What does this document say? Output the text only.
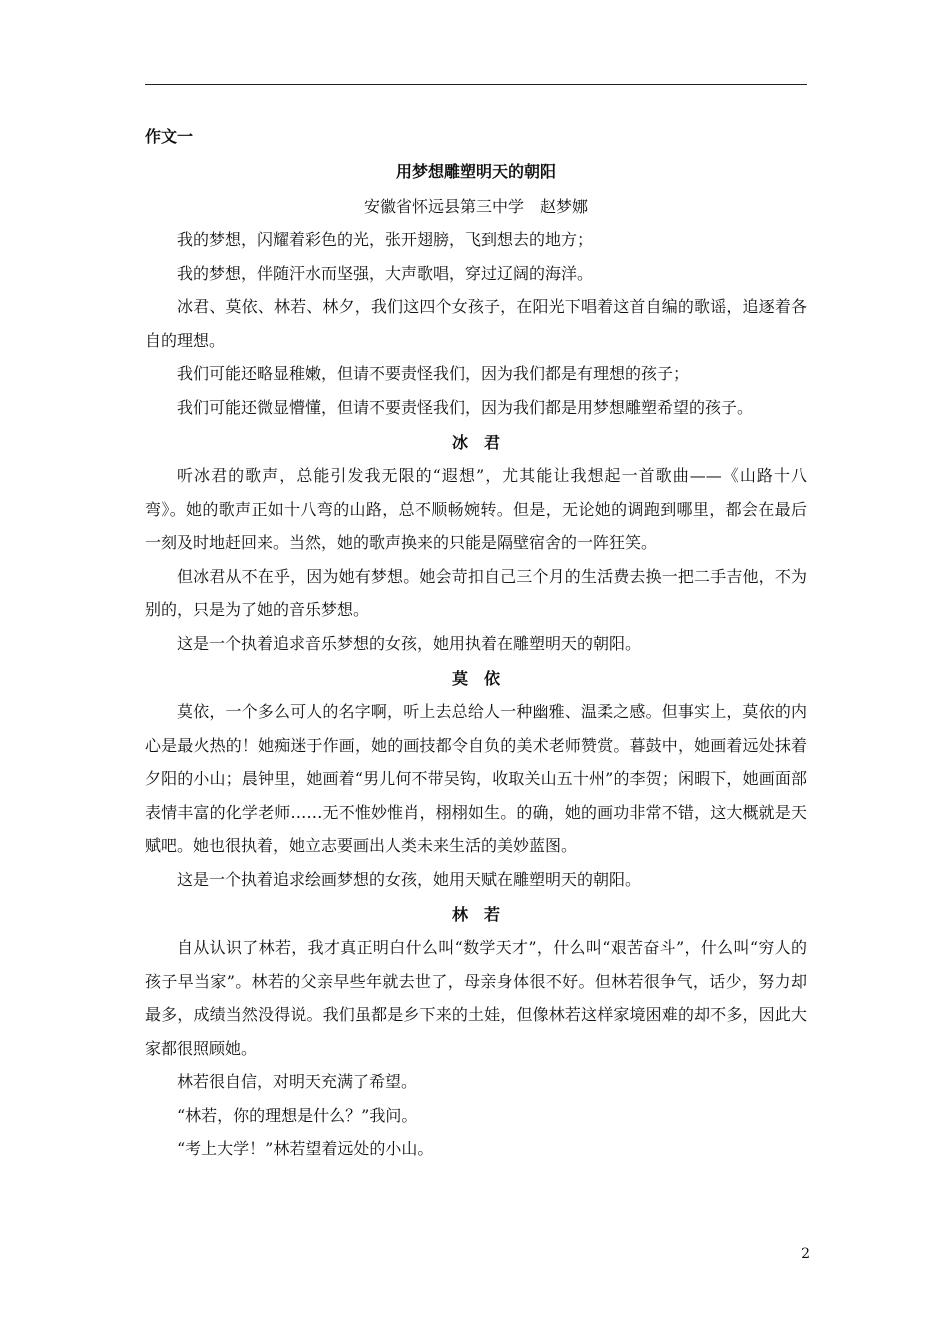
作文一
用梦想雕塑明天的朝阳
安徽省怀远县第三中学　赵梦娜

我的梦想，闪耀着彩色的光，张开翅膀，飞到想去的地方；

我的梦想，伴随汗水而坚强，大声歌唱，穿过辽阔的海洋。

冰君、莫依、林若、林夕，我们这四个女孩子，在阳光下唱着这首自编的歌谣，追逐着各自的理想。

我们可能还略显稚嫩，但请不要责怪我们，因为我们都是有理想的孩子；

我们可能还微显懵懂，但请不要责怪我们，因为我们都是用梦想雕塑希望的孩子。

冰　君

听冰君的歌声，总能引发我无限的“遐想”，尤其能让我想起一首歌曲——《山路十八弯》。她的歌声正如十八弯的山路，总不顺畅婉转。但是，无论她的调跑到哪里，都会在最后一刻及时地赶回来。当然，她的歌声换来的只能是隔壁宿舍的一阵狂笑。

但冰君从不在乎，因为她有梦想。她会苛扣自己三个月的生活费去换一把二手吉他，不为别的，只是为了她的音乐梦想。

这是一个执着追求音乐梦想的女孩，她用执着在雕塑明天的朝阳。

莫　依

莫依，一个多么可人的名字啊，听上去总给人一种幽雅、温柔之感。但事实上，莫依的内心是最火热的！她痴迷于作画，她的画技都令自负的美术老师赞赏。暮鼓中，她画着远处抹着夕阳的小山；晨钟里，她画着“男儿何不带吴钩，收取关山五十州”的李贺；闲暇下，她画面部表情丰富的化学老师……无不惟妙惟肖，栩栩如生。的确，她的画功非常不错，这大概就是天赋吧。她也很执着，她立志要画出人类未来生活的美妙蓝图。

这是一个执着追求绘画梦想的女孩，她用天赋在雕塑明天的朝阳。

林　若

自从认识了林若，我才真正明白什么叫“数学天才”，什么叫“艰苦奋斗”，什么叫“穷人的孩子早当家”。林若的父亲早些年就去世了，母亲身体很不好。但林若很争气，话少，努力却最多，成绩当然没得说。我们虽都是乡下来的土娃，但像林若这样家境困难的却不多，因此大家都很照顾她。

林若很自信，对明天充满了希望。

“林若，你的理想是什么？”我问。

“考上大学！”林若望着远处的小山。

2
